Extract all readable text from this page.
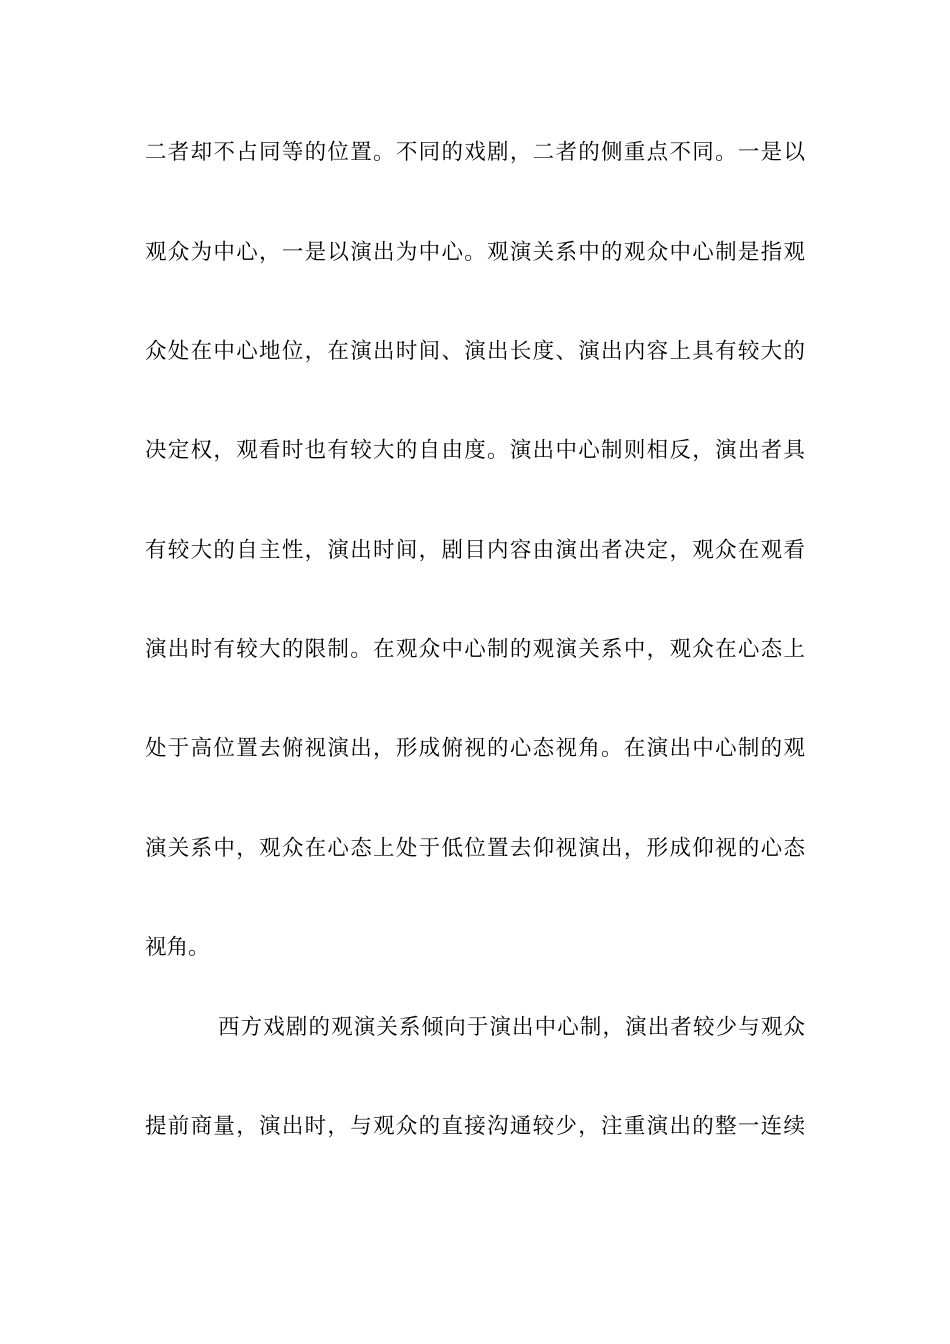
二者却不占同等的位置。不同的戏剧，二者的侧重点不同。一是以
观众为中心，一是以演出为中心。观演关系中的观众中心制是指观
众处在中心地位，在演出时间、演出长度、演出内容上具有较大的
决定权，观看时也有较大的自由度。演出中心制则相反，演出者具
有较大的自主性，演出时间，剧目内容由演出者决定，观众在观看
演出时有较大的限制。在观众中心制的观演关系中，观众在心态上
处于高位置去俯视演出，形成俯视的心态视角。在演出中心制的观
演关系中，观众在心态上处于低位置去仰视演出，形成仰视的心态
视角。
西方戏剧的观演关系倾向于演出中心制，演出者较少与观众
提前商量，演出时，与观众的直接沟通较少，注重演出的整一连续
